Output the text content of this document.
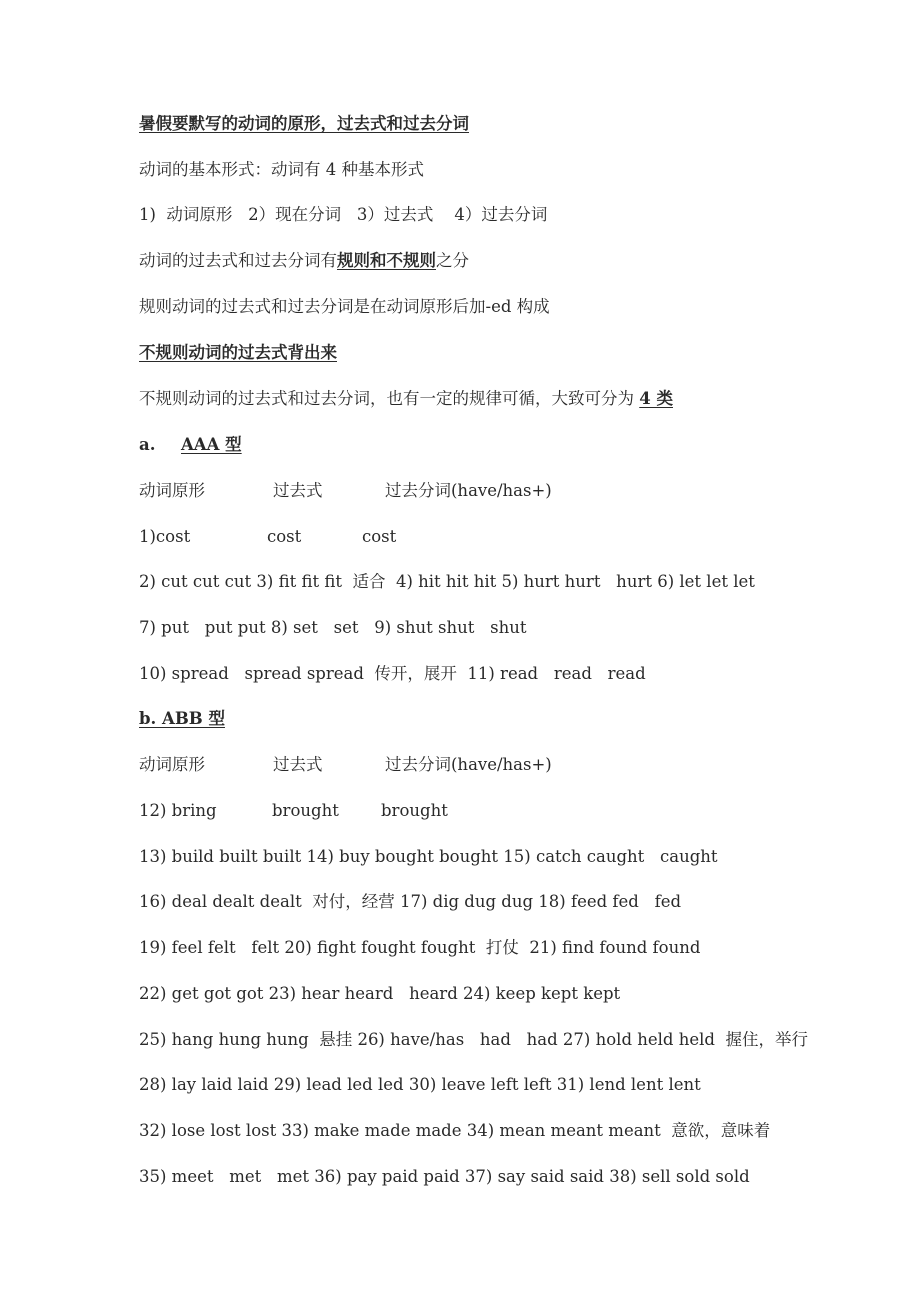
暑假要默写的动词的原形，过去式和过去分词
动词的基本形式：动词有 4 种基本形式
1)  动词原形   2）现在分词   3）过去式    4）过去分词
动词的过去式和过去分词有规则和不规则之分
规则动词的过去式和过去分词是在动词原形后加-ed 构成
不规则动词的过去式背出来
不规则动词的过去式和过去分词，也有一定的规律可循，大致可分为 4 类
a. AAA 型
动词原形	过去式	过去分词(have/has+)
1)cost	cost	cost
2) cut cut cut 3) fit fit fit  适合  4) hit hit hit 5) hurt hurt   hurt 6) let let let
7) put   put put 8) set   set   9) shut shut   shut
10) spread   spread spread  传开，展开  11) read   read   read
b. ABB 型
动词原形	过去式	过去分词(have/has+)
12) bring	brought	brought
13) build built built 14) buy bought bought 15) catch caught   caught
16) deal dealt dealt  对付，经营 17) dig dug dug 18) feed fed   fed
19) feel felt   felt 20) fight fought fought  打仗  21) find found found
22) get got got 23) hear heard   heard 24) keep kept kept
25) hang hung hung  悬挂 26) have/has   had   had 27) hold held held  握住，举行
28) lay laid laid 29) lead led led 30) leave left left 31) lend lent lent
32) lose lost lost 33) make made made 34) mean meant meant  意欲，意味着
35) meet   met   met 36) pay paid paid 37) say said said 38) sell sold sold
